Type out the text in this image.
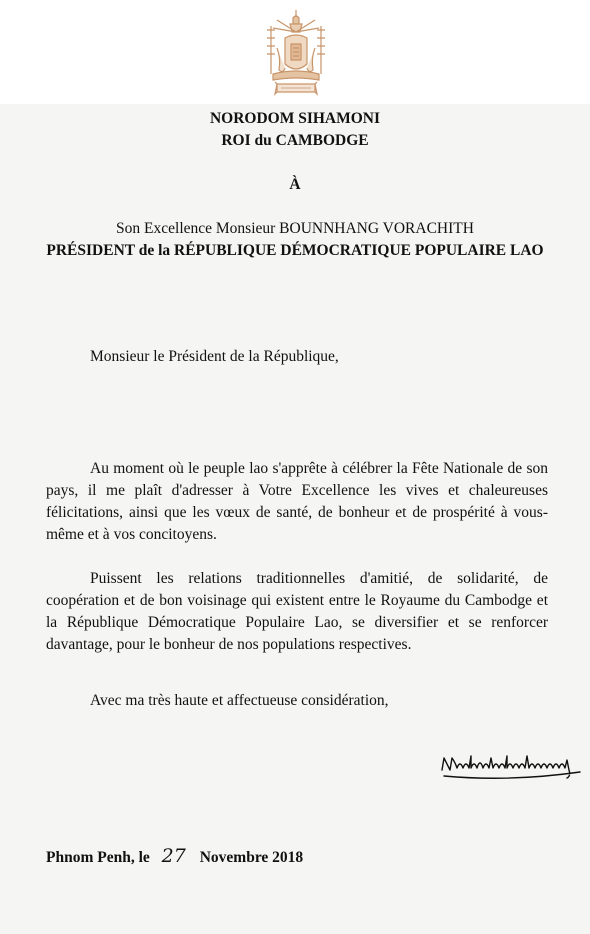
NORODOM SIHAMONI
ROI du CAMBODGE
À
Son Excellence Monsieur BOUNNHANG VORACHITH
PRÉSIDENT de la RÉPUBLIQUE DÉMOCRATIQUE POPULAIRE LAO
Monsieur le Président de la République,

Au moment où le peuple lao s'apprête à célébrer la Fête Nationale de son pays, il me plaît d'adresser à Votre Excellence les vives et chaleureuses félicitations, ainsi que les vœux de santé, de bonheur et de prospérité à vous-même et à vos concitoyens.

Puissent les relations traditionnelles d'amitié, de solidarité, de coopération et de bon voisinage qui existent entre le Royaume du Cambodge et la République Démocratique Populaire Lao, se diversifier et se renforcer davantage, pour le bonheur de nos populations respectives.

Avec ma très haute et affectueuse considération,
Phnom Penh, le 27 Novembre 2018
